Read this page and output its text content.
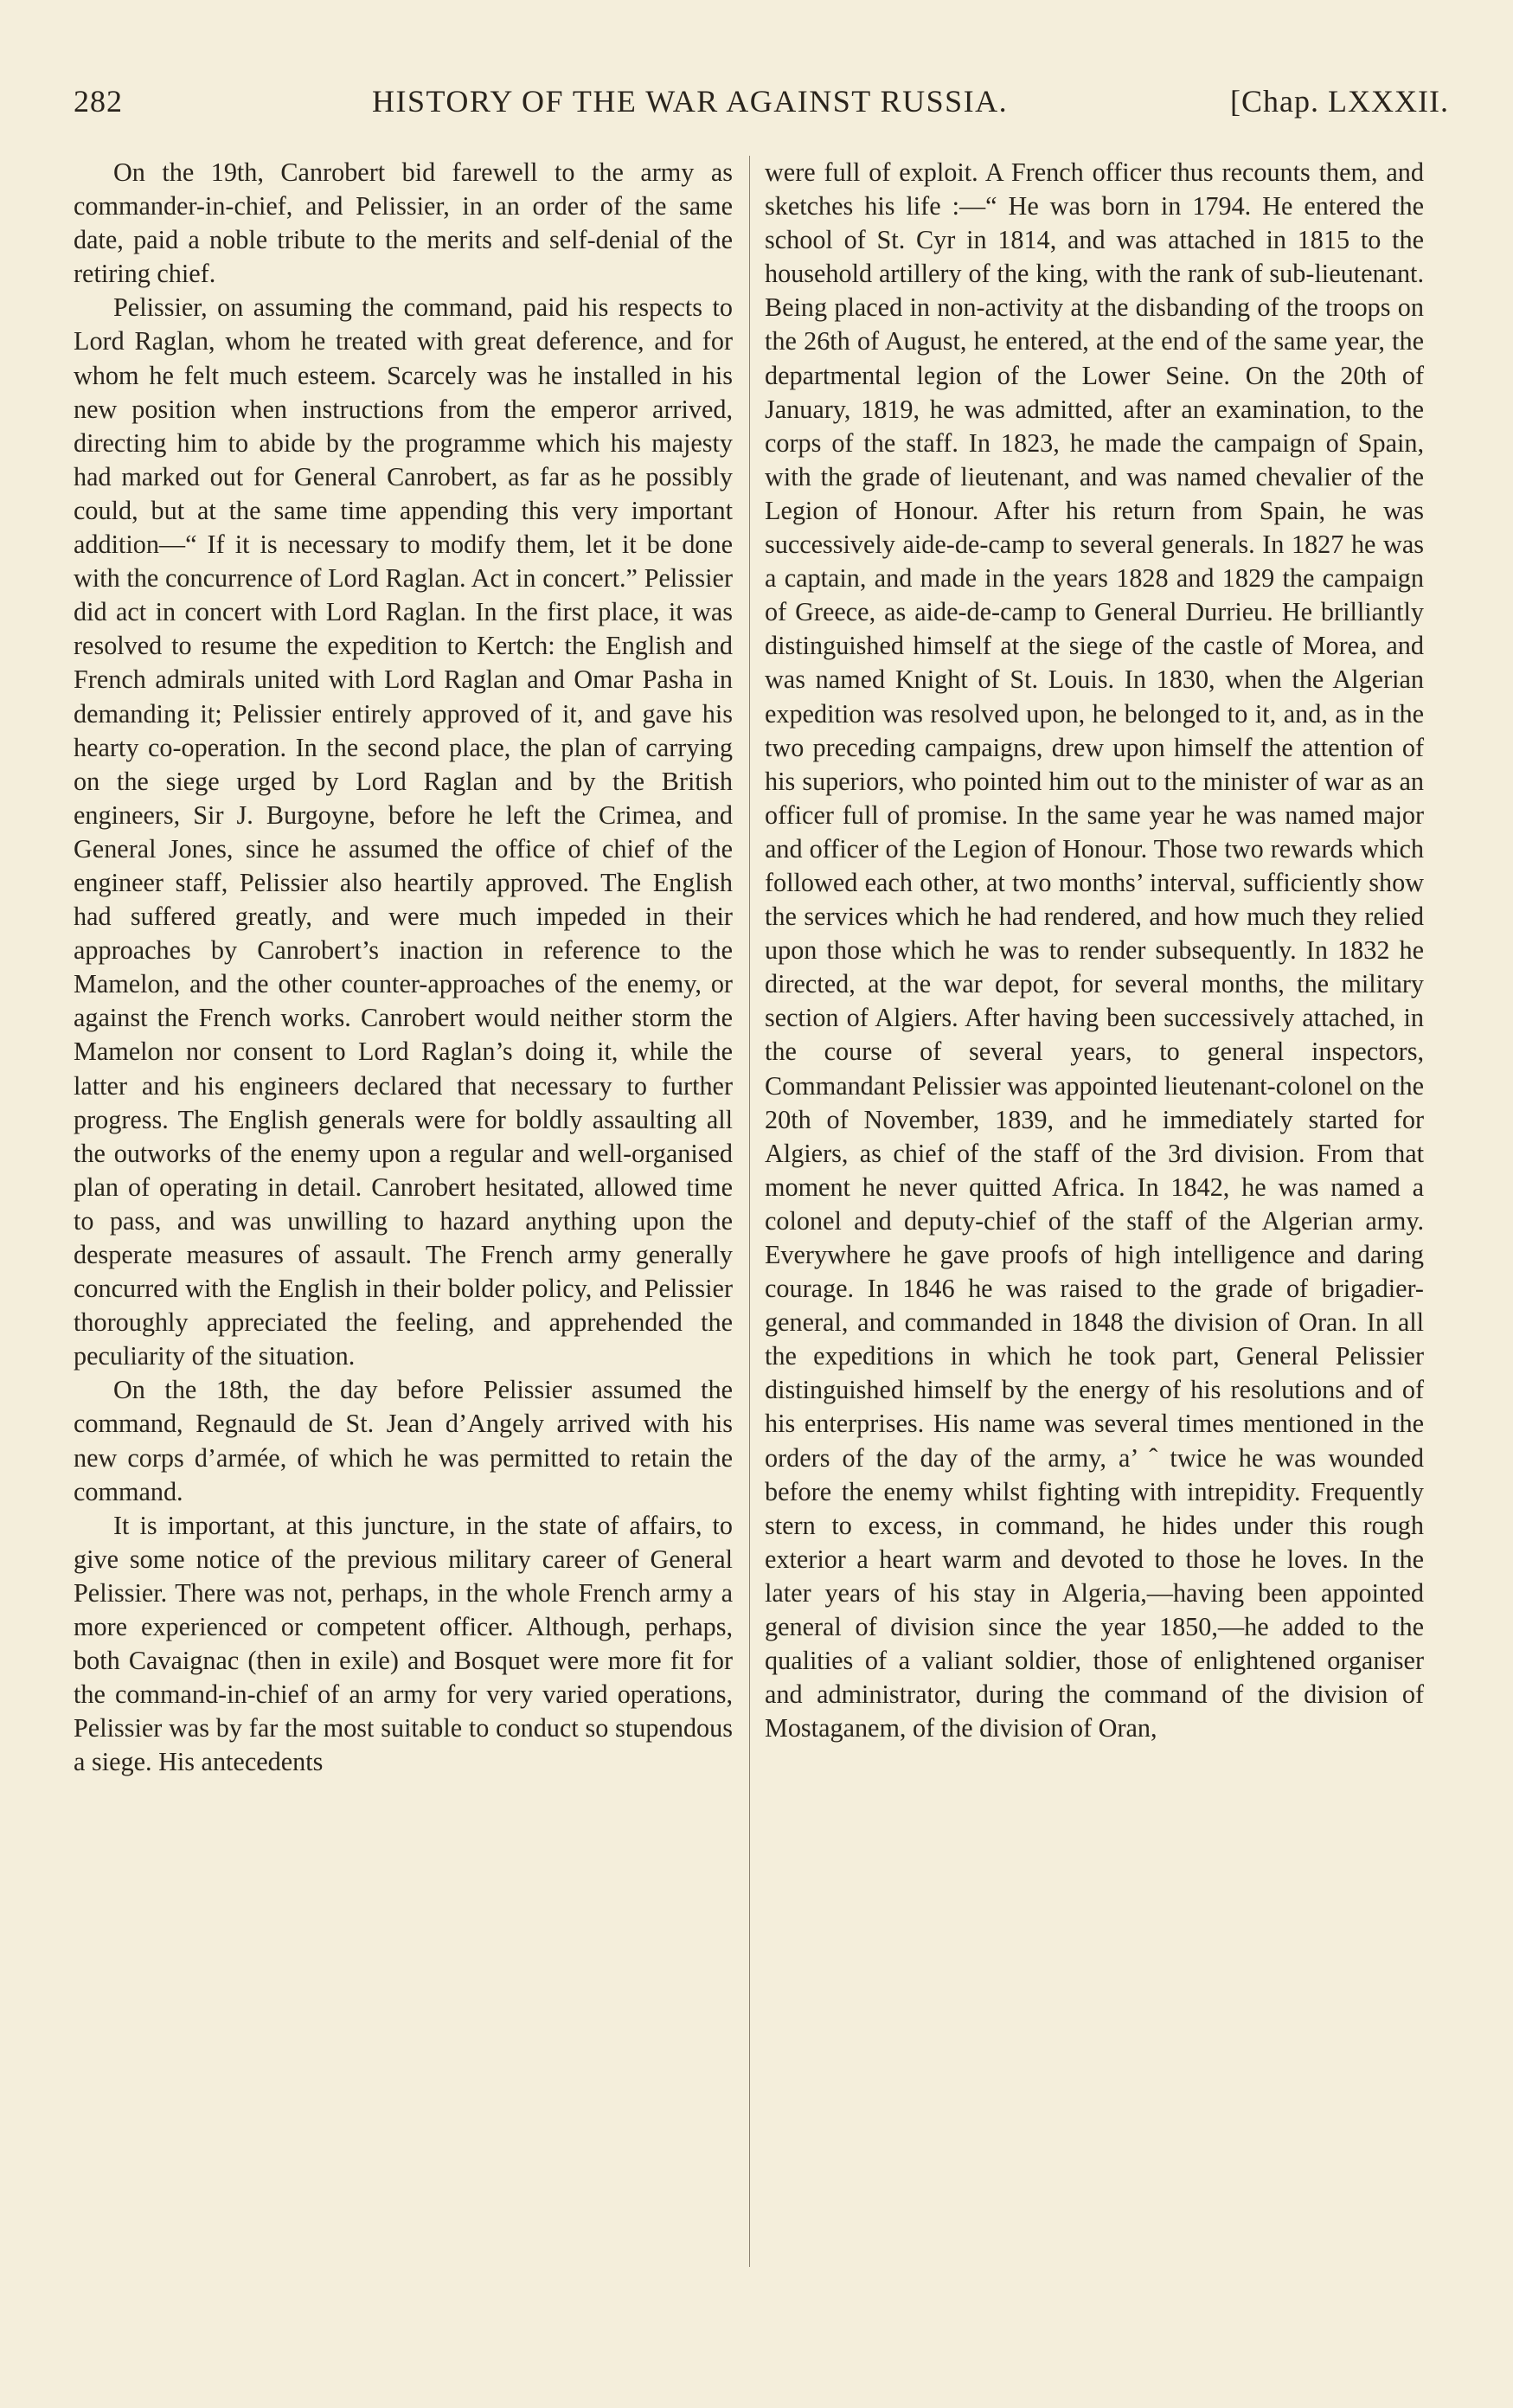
282	HISTORY OF THE WAR AGAINST RUSSIA.	[Chap. LXXXII.

On the 19th, Canrobert bid farewell to the army as commander-in-chief, and Pelissier, in an order of the same date, paid a noble tribute to the merits and self-denial of the retiring chief.

Pelissier, on assuming the command, paid his respects to Lord Raglan, whom he treated with great deference, and for whom he felt much esteem. Scarcely was he installed in his new position when instructions from the emperor arrived, directing him to abide by the programme which his majesty had marked out for General Canrobert, as far as he possibly could, but at the same time appending this very important addition—“ If it is necessary to modify them, let it be done with the concurrence of Lord Raglan. Act in concert.” Pelissier did act in concert with Lord Raglan. In the first place, it was resolved to resume the expedition to Kertch: the English and French admirals united with Lord Raglan and Omar Pasha in demanding it; Pelissier entirely approved of it, and gave his hearty co-operation. In the second place, the plan of carrying on the siege urged by Lord Raglan and by the British engineers, Sir J. Burgoyne, before he left the Crimea, and General Jones, since he assumed the office of chief of the engineer staff, Pelissier also heartily approved. The English had suffered greatly, and were much impeded in their approaches by Canrobert’s inaction in reference to the Mamelon, and the other counter-approaches of the enemy, or against the French works. Canrobert would neither storm the Mamelon nor consent to Lord Raglan’s doing it, while the latter and his engineers declared that necessary to further progress. The English generals were for boldly assaulting all the outworks of the enemy upon a regular and well-organised plan of operating in detail. Canrobert hesitated, allowed time to pass, and was unwilling to hazard anything upon the desperate measures of assault. The French army generally concurred with the English in their bolder policy, and Pelissier thoroughly appreciated the feeling, and apprehended the peculiarity of the situation.

On the 18th, the day before Pelissier assumed the command, Regnauld de St. Jean d’Angely arrived with his new corps d’armée, of which he was permitted to retain the command.

It is important, at this juncture, in the state of affairs, to give some notice of the previous military career of General Pelissier. There was not, perhaps, in the whole French army a more experienced or competent officer. Although, perhaps, both Cavaignac (then in exile) and Bosquet were more fit for the command-in-chief of an army for very varied operations, Pelissier was by far the most suitable to conduct so stupendous a siege. His antecedents

were full of exploit. A French officer thus recounts them, and sketches his life :—“ He was born in 1794. He entered the school of St. Cyr in 1814, and was attached in 1815 to the household artillery of the king, with the rank of sub-lieutenant. Being placed in non-activity at the disbanding of the troops on the 26th of August, he entered, at the end of the same year, the departmental legion of the Lower Seine. On the 20th of January, 1819, he was admitted, after an examination, to the corps of the staff. In 1823, he made the campaign of Spain, with the grade of lieutenant, and was named chevalier of the Legion of Honour. After his return from Spain, he was successively aide-de-camp to several generals. In 1827 he was a captain, and made in the years 1828 and 1829 the campaign of Greece, as aide-de-camp to General Durrieu. He brilliantly distinguished himself at the siege of the castle of Morea, and was named Knight of St. Louis. In 1830, when the Algerian expedition was resolved upon, he belonged to it, and, as in the two preceding campaigns, drew upon himself the attention of his superiors, who pointed him out to the minister of war as an officer full of promise. In the same year he was named major and officer of the Legion of Honour. Those two rewards which followed each other, at two months’ interval, sufficiently show the services which he had rendered, and how much they relied upon those which he was to render subsequently. In 1832 he directed, at the war depot, for several months, the military section of Algiers. After having been successively attached, in the course of several years, to general inspectors, Commandant Pelissier was appointed lieutenant-colonel on the 20th of November, 1839, and he immediately started for Algiers, as chief of the staff of the 3rd division. From that moment he never quitted Africa. In 1842, he was named a colonel and deputy-chief of the staff of the Algerian army. Everywhere he gave proofs of high intelligence and daring courage. In 1846 he was raised to the grade of brigadier-general, and commanded in 1848 the division of Oran. In all the expeditions in which he took part, General Pelissier distinguished himself by the energy of his resolutions and of his enterprises. His name was several times mentioned in the orders of the day of the army, a’ ˆ twice he was wounded before the enemy whilst fighting with intrepidity. Frequently stern to excess, in command, he hides under this rough exterior a heart warm and devoted to those he loves. In the later years of his stay in Algeria,—having been appointed general of division since the year 1850,—he added to the qualities of a valiant soldier, those of enlightened organiser and administrator, during the command of the division of Mostaganem, of the division of Oran,
